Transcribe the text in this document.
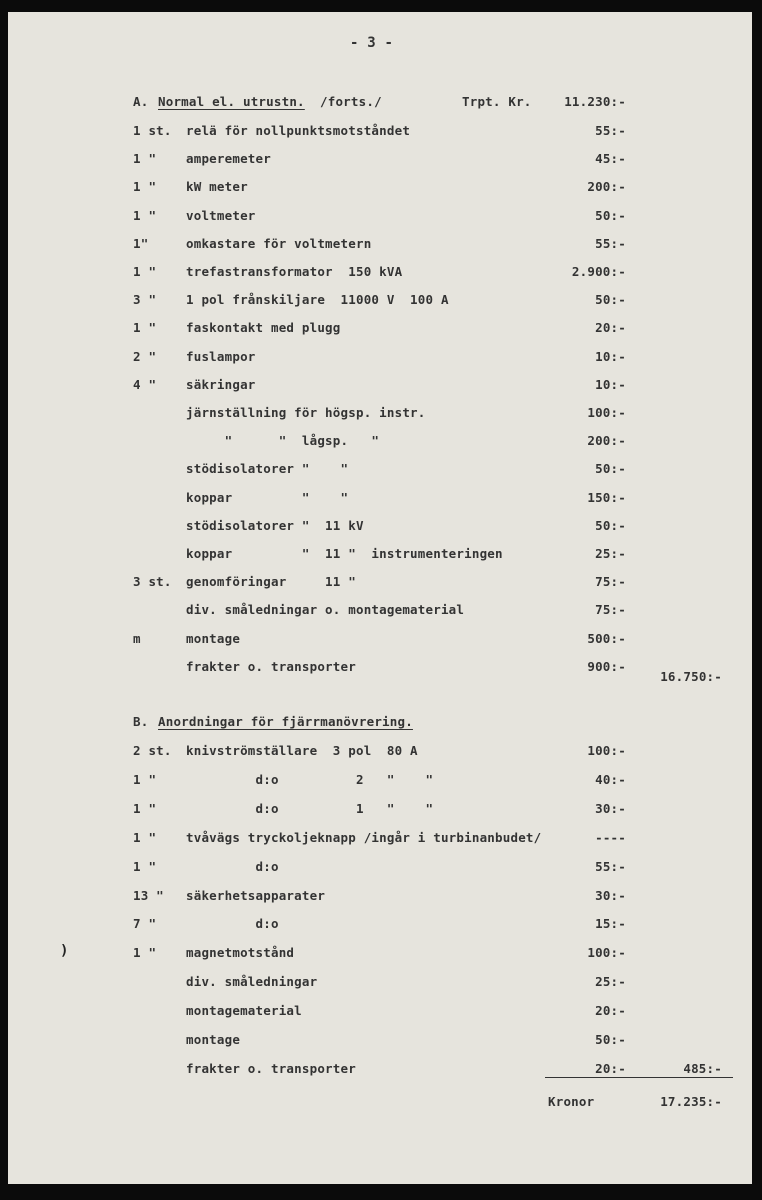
- 3 -
A. Normal el. utrustn. /forts./	Trpt. Kr.	11.230:-
1 st. relä för nollpunktsmotståndet	55:-
1 " amperemeter	45:-
1 " kW meter	200:-
1 " voltmeter	50:-
1"	omkastare för voltmetern	55:-
1 " trefastransformator  150 kVA	2.900:-
3 " 1 pol frånskiljare  11000 V  100 A	50:-
1 " faskontakt med plugg	20:-
2 " fuslampor	10:-
4 " säkringar	10:-
järnställning för högsp. instr.	100:-
"      "  lågsp.   "	200:-
stödisolatorer "    "	50:-
koppar         "    "	150:-
stödisolatorer "  11 kV	50:-
koppar         "  11 "  instrumenteringen	25:-
3 st. genomföringar     11 "	75:-
div. småledningar o. montagematerial	75:-
m	montage	500:-
frakter o. transporter	900:-
16.750:-
B. Anordningar för fjärrmanövrering.
2 st. knivströmställare  3 pol  80 A	100:-
1 " d:o          2   "    "	40:-
1 " d:o          1   "    "	30:-
1 " tvåvägs tryckoljeknapp /ingår i turbinanbudet/	----
1 " d:o	55:-
13 " säkerhetsapparater	30:-
7 " d:o	15:-
1 " magnetmotstånd	100:-
div. småledningar	25:-
montagematerial	20:-
montage	50:-
frakter o. transporter	20:-	485:-
Kronor	17.235:-
)
